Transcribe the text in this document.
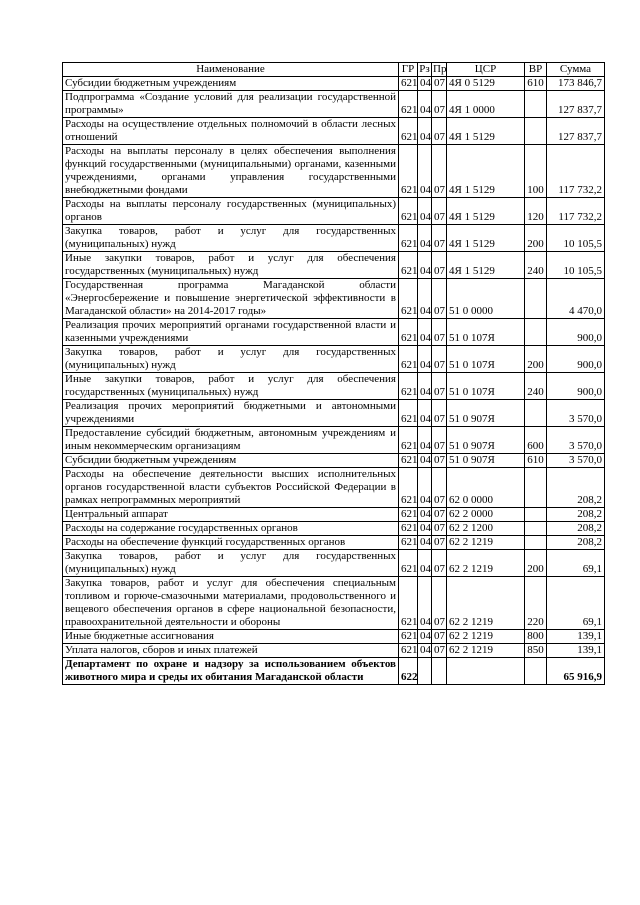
Наименование	ГР	Рз	Пр	ЦСР	ВР	Сумма
Субсидии бюджетным учреждениям	621	04	07	4Я 0 5129	610	173 846,7
Подпрограмма «Создание условий для реализации государственной программы»	621	04	07	4Я 1 0000		127 837,7
Расходы на осуществление отдельных полномочий в области лесных отношений	621	04	07	4Я 1 5129		127 837,7
Расходы на выплаты персоналу в целях обеспечения выполнения функций государственными (муниципальными) органами, казенными учреждениями, органами управления государственными внебюджетными фондами	621	04	07	4Я 1 5129	100	117 732,2
Расходы на выплаты персоналу государственных (муниципальных) органов	621	04	07	4Я 1 5129	120	117 732,2
Закупка товаров, работ и услуг для государственных (муниципальных) нужд	621	04	07	4Я 1 5129	200	10 105,5
Иные закупки товаров, работ и услуг для обеспечения государственных (муниципальных) нужд	621	04	07	4Я 1 5129	240	10 105,5
Государственная программа Магаданской области «Энергосбережение и повышение энергетической эффективности в Магаданской области» на 2014-2017 годы»	621	04	07	51 0 0000		4 470,0
Реализация прочих мероприятий органами государственной власти и казенными учреждениями	621	04	07	51 0 107Я		900,0
Закупка товаров, работ и услуг для государственных (муниципальных) нужд	621	04	07	51 0 107Я	200	900,0
Иные закупки товаров, работ и услуг для обеспечения государственных (муниципальных) нужд	621	04	07	51 0 107Я	240	900,0
Реализация прочих мероприятий бюджетными и автономными учреждениями	621	04	07	51 0 907Я		3 570,0
Предоставление субсидий бюджетным, автономным учреждениям и иным некоммерческим организациям	621	04	07	51 0 907Я	600	3 570,0
Субсидии бюджетным учреждениям	621	04	07	51 0 907Я	610	3 570,0
Расходы на обеспечение деятельности высших исполнительных органов государственной власти субъектов Российской Федерации в рамках непрограммных мероприятий	621	04	07	62 0 0000		208,2
Центральный аппарат	621	04	07	62 2 0000		208,2
Расходы на содержание государственных органов	621	04	07	62 2 1200		208,2
Расходы на обеспечение функций государственных органов	621	04	07	62 2 1219		208,2
Закупка товаров, работ и услуг для государственных (муниципальных) нужд	621	04	07	62 2 1219	200	69,1
Закупка товаров, работ и услуг для обеспечения специальным топливом и горюче-смазочными материалами, продовольственного и вещевого обеспечения органов в сфере национальной безопасности, правоохранительной деятельности и обороны	621	04	07	62 2 1219	220	69,1
Иные бюджетные ассигнования	621	04	07	62 2 1219	800	139,1
Уплата налогов, сборов и иных платежей	621	04	07	62 2 1219	850	139,1
Департамент по охране и надзору за использованием объектов животного мира и среды их обитания Магаданской области	622					65 916,9
